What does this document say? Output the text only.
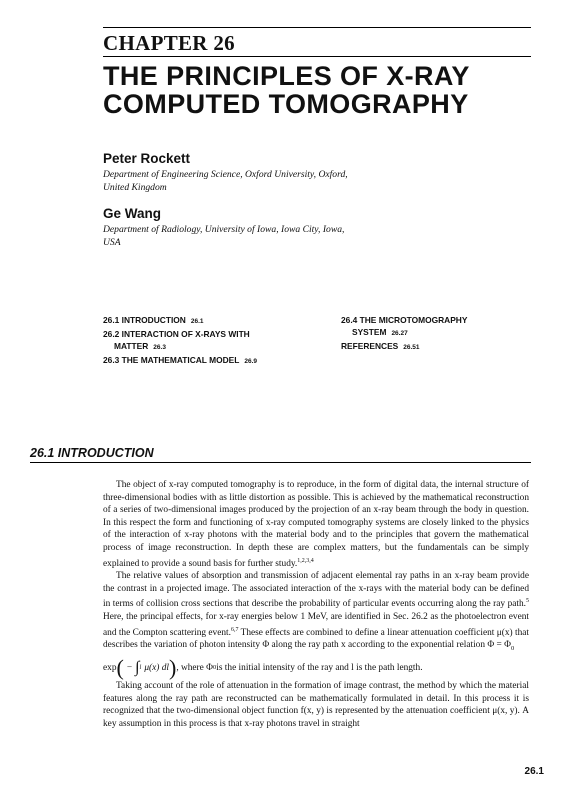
CHAPTER 26
THE PRINCIPLES OF X-RAY
COMPUTED TOMOGRAPHY
Peter Rockett
Department of Engineering Science, Oxford University, Oxford,
United Kingdom
Ge Wang
Department of Radiology, University of Iowa, Iowa City, Iowa,
USA
26.1 INTRODUCTION 26.1
26.2 INTERACTION OF X-RAYS WITH
MATTER 26.3
26.3 THE MATHEMATICAL MODEL 26.9
26.4 THE MICROTOMOGRAPHY
SYSTEM 26.27
REFERENCES 26.51
26.1 INTRODUCTION

The object of x-ray computed tomography is to reproduce, in the form of digital data, the internal structure of three-dimensional bodies with as little distortion as possible. This is achieved by the mathematical reconstruction of a series of two-dimensional images produced by the projection of an x-ray beam through the body in question. In this respect the form and functioning of x-ray computed tomography systems are closely linked to the physics of the interaction of x-ray photons with the material body and to the principles that govern the mathematical process of image reconstruction. In depth these are complex matters, but the fundamentals can be simply explained to provide a sound basis for further study.$^{1,2,3,4}$

The relative values of absorption and transmission of adjacent elemental ray paths in an x-ray beam provide the contrast in a projected image. The associated interaction of the x-rays with the material body can be defined in terms of collision cross sections that describe the probability of particular events occurring along the ray path.$^5$ Here, the principal effects, for x-ray energies below 1 MeV, are identified in Sec. 26.2 as the photoelectron event and the Compton scattering event.$^{6,7}$ These effects are combined to define a linear attenuation coefficient μ(x) that describes the variation of photon intensity Φ along the ray path x according to the exponential relation $\Phi = \Phi_0$

exp ( − ∫ l μ(x) dl ) , where Φ 0 is the initial intensity of the ray and l is the path length.

Taking account of the role of attenuation in the formation of image contrast, the method by which the material features along the ray path are reconstructed can be mathematically formulated in detail. In this process it is recognized that the two-dimensional object function f(x, y) is represented by the attenuation coefficient μ(x, y). A key assumption in this process is that x-ray photons travel in straight

26.1
